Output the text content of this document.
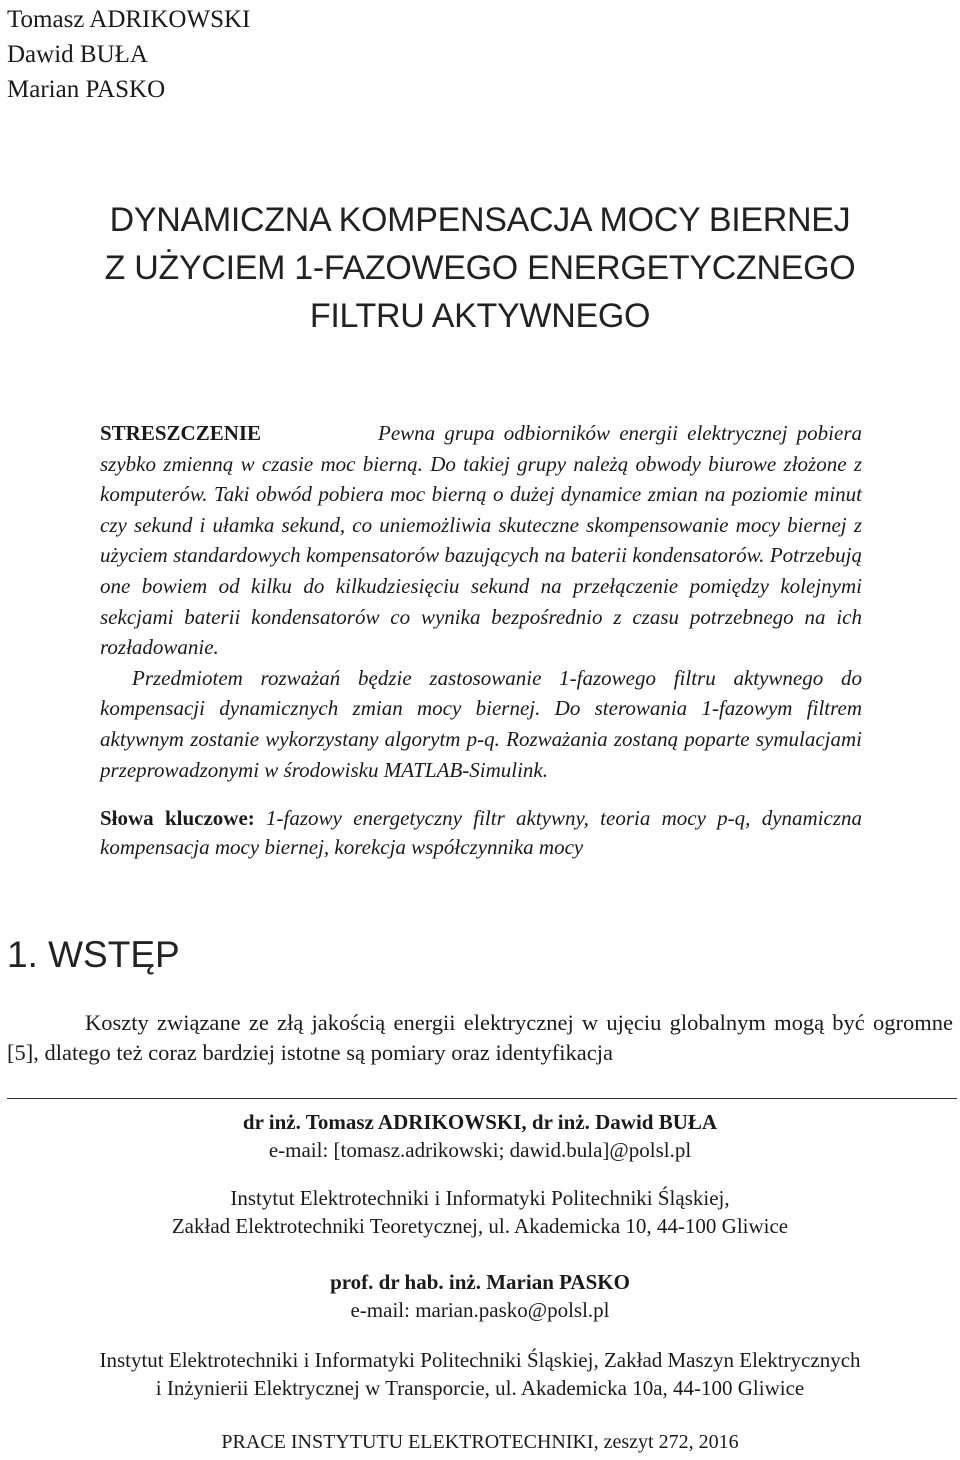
Tomasz ADRIKOWSKI
Dawid BUŁA
Marian PASKO
DYNAMICZNA KOMPENSACJA MOCY BIERNEJ
Z UŻYCIEM 1-FAZOWEGO ENERGETYCZNEGO
FILTRU AKTYWNEGO

STRESZCZENIE	Pewna grupa odbiorników energii elektrycznej pobiera szybko zmienną w czasie moc bierną. Do takiej grupy należą obwody biurowe złożone z komputerów. Taki obwód pobiera moc bierną o dużej dynamice zmian na poziomie minut czy sekund i ułamka sekund, co uniemożliwia skuteczne skompensowanie mocy biernej z użyciem standardowych kompensatorów bazujących na baterii kondensatorów. Potrzebują one bowiem od kilku do kilkudziesięciu sekund na przełączenie pomiędzy kolejnymi sekcjami baterii kondensatorów co wynika bezpośrednio z czasu potrzebnego na ich rozładowanie.

Przedmiotem rozważań będzie zastosowanie 1-fazowego filtru aktywnego do kompensacji dynamicznych zmian mocy biernej. Do sterowania 1-fazowym filtrem aktywnym zostanie wykorzystany algorytm p-q. Rozważania zostaną poparte symulacjami przeprowadzonymi w środowisku MATLAB-Simulink.

Słowa kluczowe: 1-fazowy energetyczny filtr aktywny, teoria mocy p-q, dynamiczna kompensacja mocy biernej, korekcja współczynnika mocy
1. WSTĘP
Koszty związane ze złą jakością energii elektrycznej w ujęciu globalnym mogą być ogromne [5], dlatego też coraz bardziej istotne są pomiary oraz identyfikacja
dr inż. Tomasz ADRIKOWSKI, dr inż. Dawid BUŁA
e-mail: [tomasz.adrikowski; dawid.bula]@polsl.pl
Instytut Elektrotechniki i Informatyki Politechniki Śląskiej,
Zakład Elektrotechniki Teoretycznej, ul. Akademicka 10, 44-100 Gliwice
prof. dr hab. inż. Marian PASKO
e-mail: marian.pasko@polsl.pl
Instytut Elektrotechniki i Informatyki Politechniki Śląskiej, Zakład Maszyn Elektrycznych
i Inżynierii Elektrycznej w Transporcie, ul. Akademicka 10a, 44-100 Gliwice
PRACE INSTYTUTU ELEKTROTECHNIKI, zeszyt 272, 2016
